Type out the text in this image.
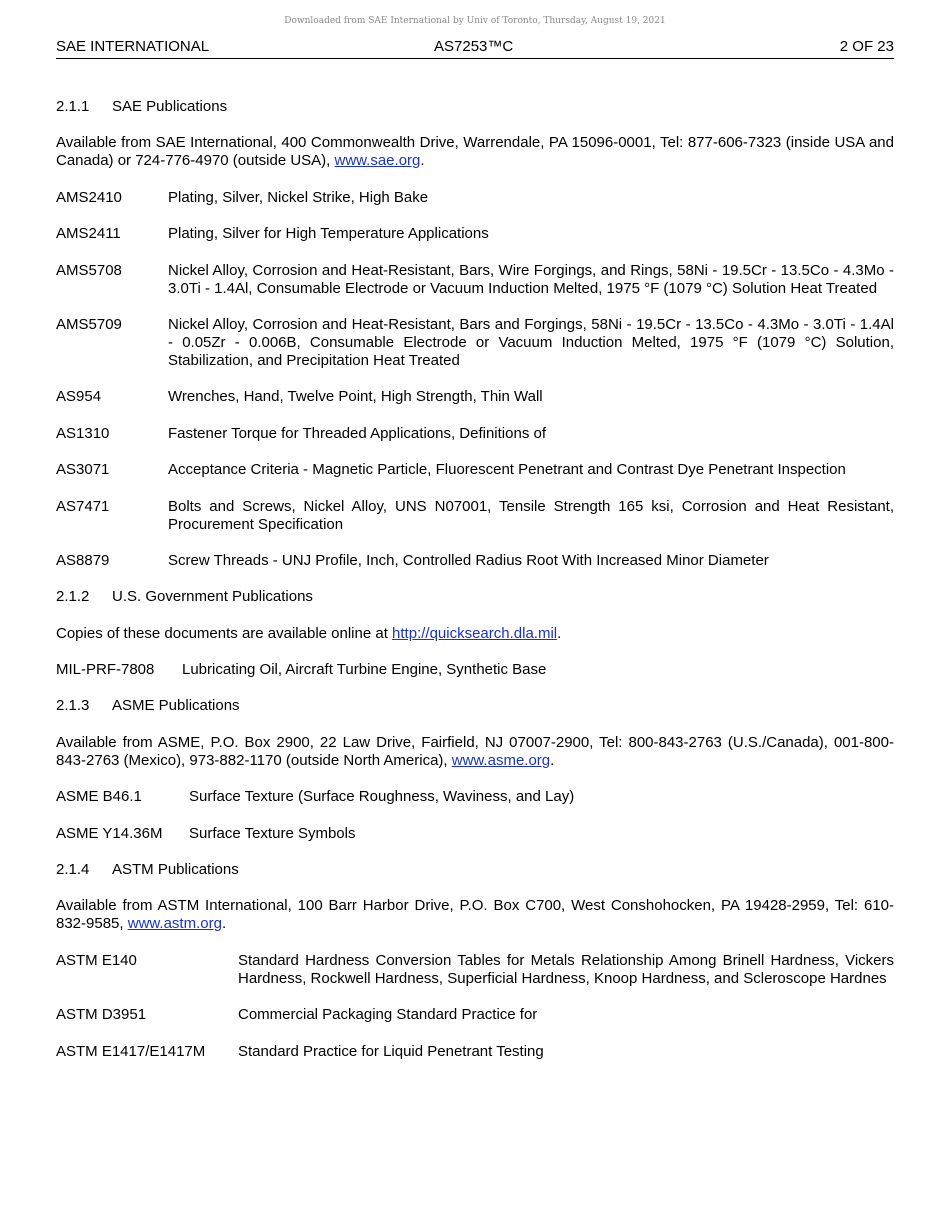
Downloaded from SAE International by Univ of Toronto, Thursday, August 19, 2021
SAE INTERNATIONAL	AS7253™C	2 OF 23

2.1.1 SAE Publications

Available from SAE International, 400 Commonwealth Drive, Warrendale, PA 15096-0001, Tel: 877-606-7323 (inside USA and Canada) or 724-776-4970 (outside USA), www.sae.org.

AMS2410	Plating, Silver, Nickel Strike, High Bake
AMS2411	Plating, Silver for High Temperature Applications
AMS5708	Nickel Alloy, Corrosion and Heat-Resistant, Bars, Wire Forgings, and Rings, 58Ni - 19.5Cr - 13.5Co - 4.3Mo - 3.0Ti - 1.4Al, Consumable Electrode or Vacuum Induction Melted, 1975 °F (1079 °C) Solution Heat Treated
AMS5709	Nickel Alloy, Corrosion and Heat-Resistant, Bars and Forgings, 58Ni - 19.5Cr - 13.5Co - 4.3Mo - 3.0Ti - 1.4Al - 0.05Zr - 0.006B, Consumable Electrode or Vacuum Induction Melted, 1975 °F (1079 °C) Solution, Stabilization, and Precipitation Heat Treated
AS954	Wrenches, Hand, Twelve Point, High Strength, Thin Wall
AS1310	Fastener Torque for Threaded Applications, Definitions of
AS3071	Acceptance Criteria - Magnetic Particle, Fluorescent Penetrant and Contrast Dye Penetrant Inspection
AS7471	Bolts and Screws, Nickel Alloy, UNS N07001, Tensile Strength 165 ksi, Corrosion and Heat Resistant, Procurement Specification
AS8879	Screw Threads - UNJ Profile, Inch, Controlled Radius Root With Increased Minor Diameter

2.1.2 U.S. Government Publications

Copies of these documents are available online at http://quicksearch.dla.mil.

MIL-PRF-7808	Lubricating Oil, Aircraft Turbine Engine, Synthetic Base

2.1.3 ASME Publications

Available from ASME, P.O. Box 2900, 22 Law Drive, Fairfield, NJ 07007-2900, Tel: 800-843-2763 (U.S./Canada), 001-800-843-2763 (Mexico), 973-882-1170 (outside North America), www.asme.org.

ASME B46.1	Surface Texture (Surface Roughness, Waviness, and Lay)
ASME Y14.36M	Surface Texture Symbols

2.1.4 ASTM Publications

Available from ASTM International, 100 Barr Harbor Drive, P.O. Box C700, West Conshohocken, PA 19428-2959, Tel: 610-832-9585, www.astm.org.

ASTM E140	Standard Hardness Conversion Tables for Metals Relationship Among Brinell Hardness, Vickers Hardness, Rockwell Hardness, Superficial Hardness, Knoop Hardness, and Scleroscope Hardnes
ASTM D3951	Commercial Packaging Standard Practice for
ASTM E1417/E1417M	Standard Practice for Liquid Penetrant Testing
